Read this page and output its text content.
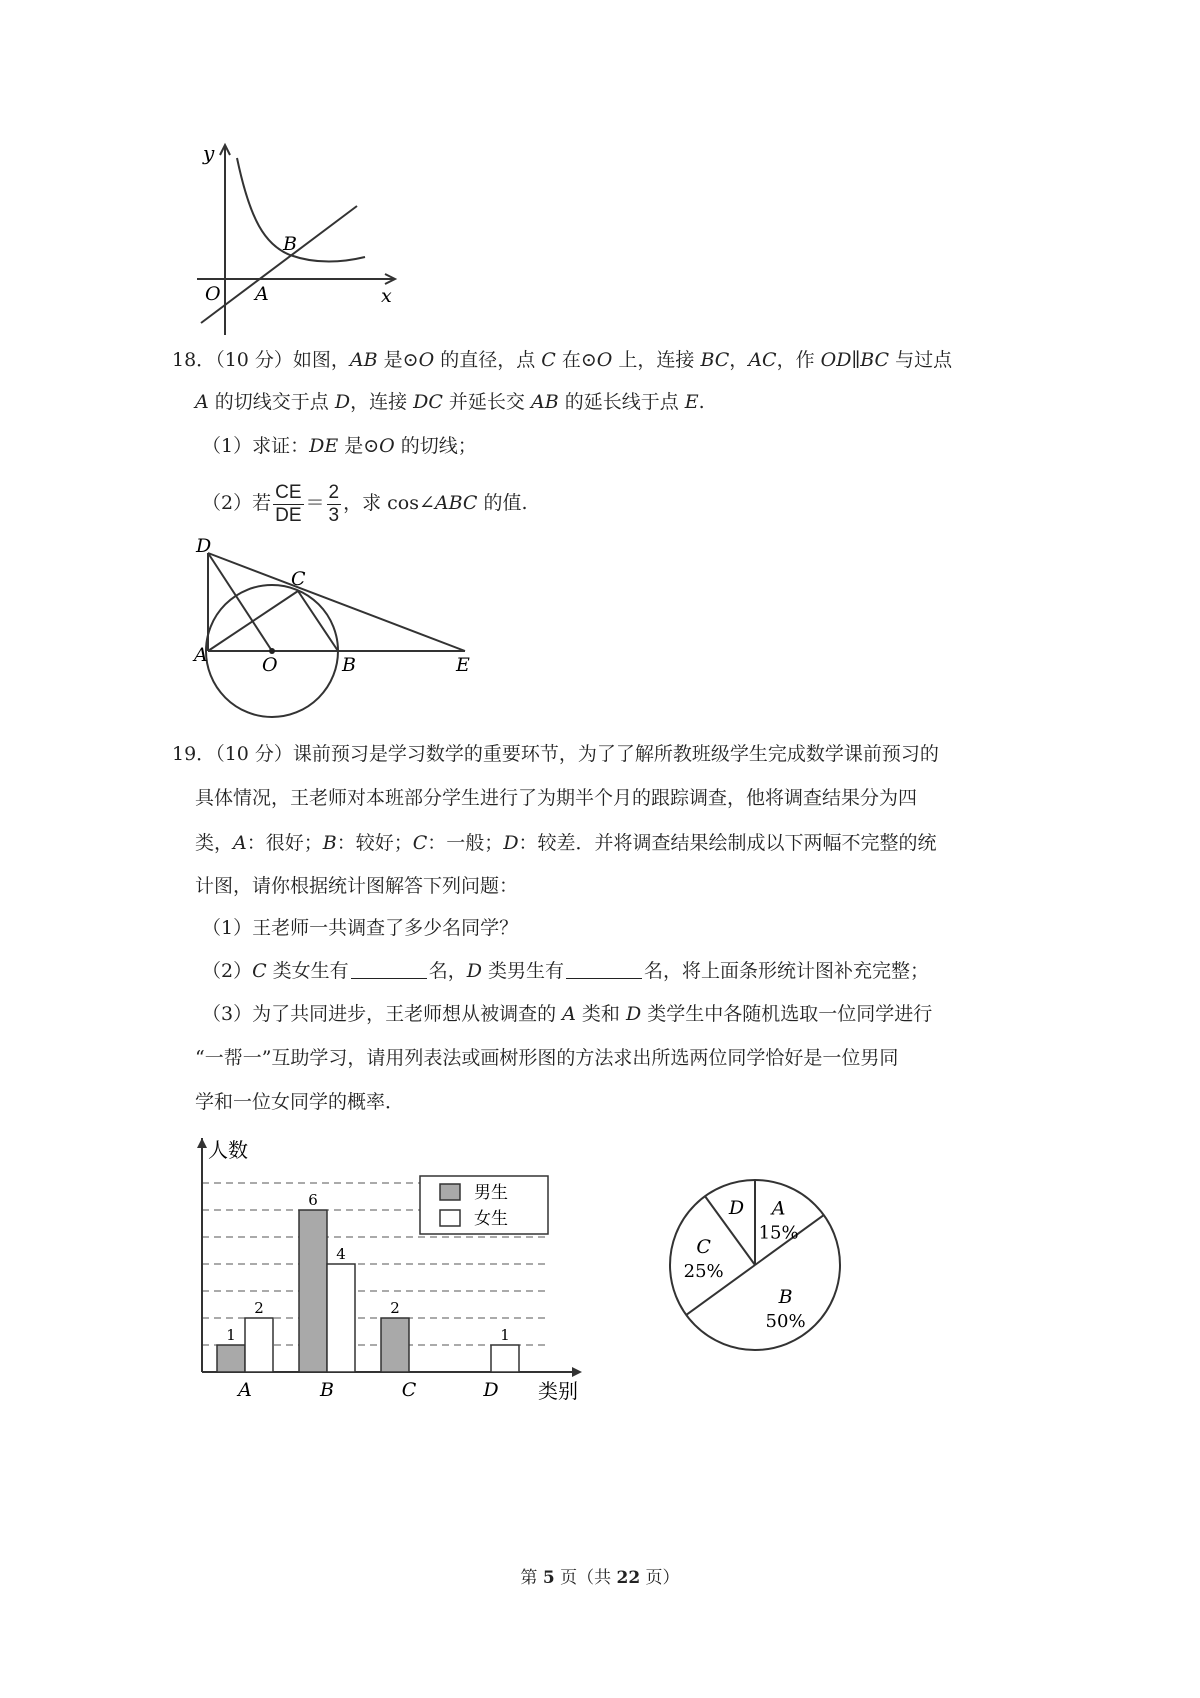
y
O A
B
x
18．（10 分）如图，AB 是⊙O 的直径，点 C 在⊙O 上，连接 BC，AC，作 OD∥BC 与过点
A 的切线交于点 D，连接 DC 并延长交 AB 的延长线于点 E.
（1）求证：DE 是⊙O 的切线；
（2）若 $\frac{CE}{DE} = \frac{2}{3}$ ，求 cos∠ABC 的值.
D
C
A	O	B	E
19．（10 分）课前预习是学习数学的重要环节，为了了解所教班级学生完成数学课前预习的
具体情况，王老师对本班部分学生进行了为期半个月的跟踪调查，他将调查结果分为四
类，A：很好；B：较好；C：一般；D：较差．并将调查结果绘制成以下两幅不完整的统
计图，请你根据统计图解答下列问题：
（1）王老师一共调查了多少名同学？
（2）C 类女生有	名，D 类男生有	名，将上面条形统计图补充完整；
（3）为了共同进步，王老师想从被调查的 A 类和 D 类学生中各随机选取一位同学进行
“一帮一”互助学习，请用列表法或画树形图的方法求出所选两位同学恰好是一位男同
学和一位女同学的概率．
人数
类别
1
2
A
6
4
B
2
C
1
D
男生
女生
D A
15%
B
50%
C
25%
第 5 页（共 22 页）
